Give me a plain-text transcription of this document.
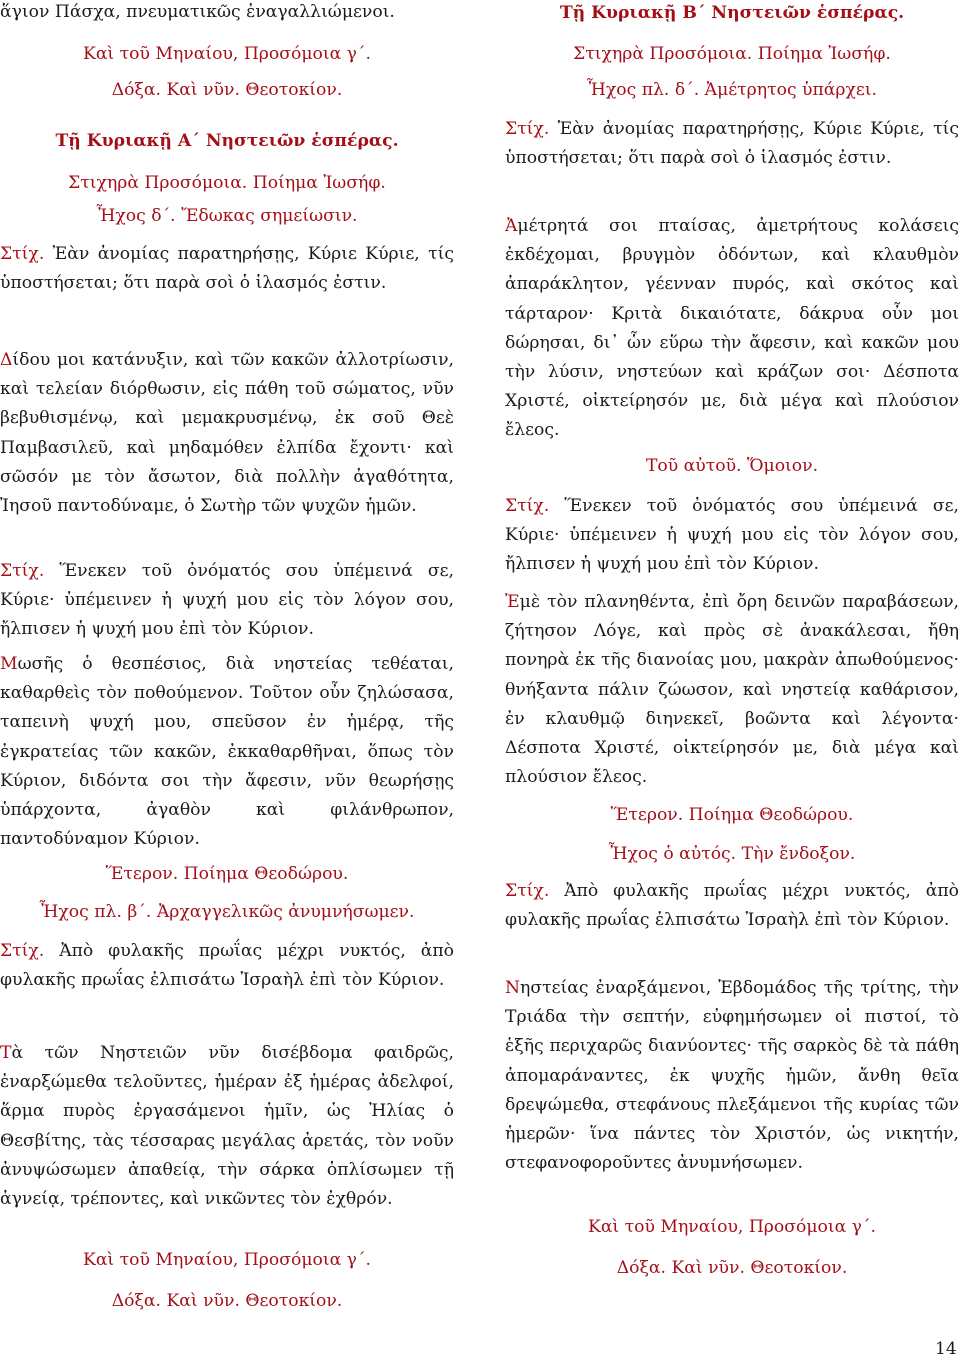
ἅγιον Πάσχα, πνευματικῶς ἐναγαλλιώμενοι.

Καὶ τοῦ Μηναίου, Προσόμοια γ΄.
Δόξα. Καὶ νῦν. Θεοτοκίον.
Τῇ Κυριακῇ Α΄ Νηστειῶν ἑσπέρας.
Στιχηρὰ Προσόμοια. Ποίημα Ἰωσήφ.
Ἦχος δ΄. Ἔδωκας σημείωσιν.

Στίχ. Ἐὰν ἀνομίας παρατηρήσῃς, Κύριε Κύριε, τίς ὑποστήσεται; ὅτι παρὰ σοὶ ὁ ἱλασμός ἐστιν.

Δίδου μοι κατάνυξιν, καὶ τῶν κακῶν ἀλλοτρίωσιν, καὶ τελείαν διόρθωσιν, εἰς πάθη τοῦ σώματος, νῦν βεβυθισμένῳ, καὶ μεμακρυσμένῳ, ἐκ σοῦ Θεὲ Παμβασιλεῦ, καὶ μηδαμόθεν ἐλπίδα ἔχοντι· καὶ σῶσόν με τὸν ἄσωτον, διὰ πολλὴν ἀγαθότητα, Ἰησοῦ παντοδύναμε, ὁ Σωτὴρ τῶν ψυχῶν ἡμῶν.

Στίχ. Ἕνεκεν τοῦ ὀνόματός σου ὑπέμεινά σε, Κύριε· ὑπέμεινεν ἡ ψυχή μου εἰς τὸν λόγον σου, ἤλπισεν ἡ ψυχή μου ἐπὶ τὸν Κύριον.

Μωσῆς ὁ θεσπέσιος, διὰ νηστείας τεθέαται, καθαρθεὶς τὸν ποθούμενον. Τοῦτον οὖν ζηλώσασα, ταπεινὴ ψυχή μου, σπεῦσον ἐν ἡμέρᾳ, τῆς ἐγκρατείας τῶν κακῶν, ἐκκαθαρθῆναι, ὅπως τὸν Κύριον, διδόντα σοι τὴν ἄφεσιν, νῦν θεωρήσῃς ὑπάρχοντα, ἀγαθὸν καὶ φιλάνθρωπον, παντοδύναμον Κύριον.

Ἕτερον. Ποίημα Θεοδώρου.
Ἦχος πλ. β΄. Ἀρχαγγελικῶς ἀνυμνήσωμεν.

Στίχ. Ἀπὸ φυλακῆς πρωΐας μέχρι νυκτός, ἀπὸ φυλακῆς πρωΐας ἐλπισάτω Ἰσραὴλ ἐπὶ τὸν Κύριον.

Τὰ τῶν Νηστειῶν νῦν δισέβδομα φαιδρῶς, ἐναρξώμεθα τελοῦντες, ἡμέραν ἐξ ἡμέρας ἀδελφοί, ἅρμα πυρὸς ἐργασάμενοι ἡμῖν, ὡς Ἠλίας ὁ Θεσβίτης, τὰς τέσσαρας μεγάλας ἀρετάς, τὸν νοῦν ἀνυψώσωμεν ἀπαθείᾳ, τὴν σάρκα ὁπλίσωμεν τῇ ἁγνείᾳ, τρέποντες, καὶ νικῶντες τὸν ἐχθρόν.

Καὶ τοῦ Μηναίου, Προσόμοια γ΄.
Δόξα. Καὶ νῦν. Θεοτοκίον.
Τῇ Κυριακῇ Β΄ Νηστειῶν ἑσπέρας.
Στιχηρὰ Προσόμοια. Ποίημα Ἰωσήφ.
Ἦχος πλ. δ΄. Ἀμέτρητος ὑπάρχει.

Στίχ. Ἐὰν ἀνομίας παρατηρήσῃς, Κύριε Κύριε, τίς ὑποστήσεται; ὅτι παρὰ σοὶ ὁ ἱλασμός ἐστιν.

Ἀμέτρητά σοι πταίσας, ἀμετρήτους κολάσεις ἐκδέχομαι, βρυγμὸν ὀδόντων, καὶ κλαυθμὸν ἀπαράκλητον, γέενναν πυρός, καὶ σκότος καὶ τάρταρον· Κριτὰ δικαιότατε, δάκρυα οὖν μοι δώρησαι, δι᾽ ὧν εὕρω τὴν ἄφεσιν, καὶ κακῶν μου τὴν λύσιν, νηστεύων καὶ κράζων σοι· Δέσποτα Χριστέ, οἰκτείρησόν με, διὰ μέγα καὶ πλούσιον ἔλεος.

Τοῦ αὐτοῦ. Ὅμοιον.

Στίχ. Ἕνεκεν τοῦ ὀνόματός σου ὑπέμεινά σε, Κύριε· ὑπέμεινεν ἡ ψυχή μου εἰς τὸν λόγον σου, ἤλπισεν ἡ ψυχή μου ἐπὶ τὸν Κύριον.

Ἐμὲ τὸν πλανηθέντα, ἐπὶ ὄρη δεινῶν παραβάσεων, ζήτησον Λόγε, καὶ πρὸς σὲ ἀνακάλεσαι, ἤθη πονηρὰ ἐκ τῆς διανοίας μου, μακρὰν ἀπωθούμενος· θνήξαντα πάλιν ζώωσον, καὶ νηστείᾳ καθάρισον, ἐν κλαυθμῷ διηνεκεῖ, βοῶντα καὶ λέγοντα· Δέσποτα Χριστέ, οἰκτείρησόν με, διὰ μέγα καὶ πλούσιον ἔλεος.

Ἕτερον. Ποίημα Θεοδώρου.
Ἦχος ὁ αὐτός. Τὴν ἔνδοξον.

Στίχ. Ἀπὸ φυλακῆς πρωΐας μέχρι νυκτός, ἀπὸ φυλακῆς πρωΐας ἐλπισάτω Ἰσραὴλ ἐπὶ τὸν Κύριον.

Νηστείας ἐναρξάμενοι, Ἑβδομάδος τῆς τρίτης, τὴν Τριάδα τὴν σεπτήν, εὐφημήσωμεν οἱ πιστοί, τὸ ἑξῆς περιχαρῶς διανύοντες· τῆς σαρκὸς δὲ τὰ πάθη ἀπομαράναντες, ἐκ ψυχῆς ἡμῶν, ἄνθη θεῖα δρεψώμεθα, στεφάνους πλεξάμενοι τῆς κυρίας τῶν ἡμερῶν· ἵνα πάντες τὸν Χριστόν, ὡς νικητήν, στεφανοφοροῦντες ἀνυμνήσωμεν.

Καὶ τοῦ Μηναίου, Προσόμοια γ΄.
Δόξα. Καὶ νῦν. Θεοτοκίον.
14
